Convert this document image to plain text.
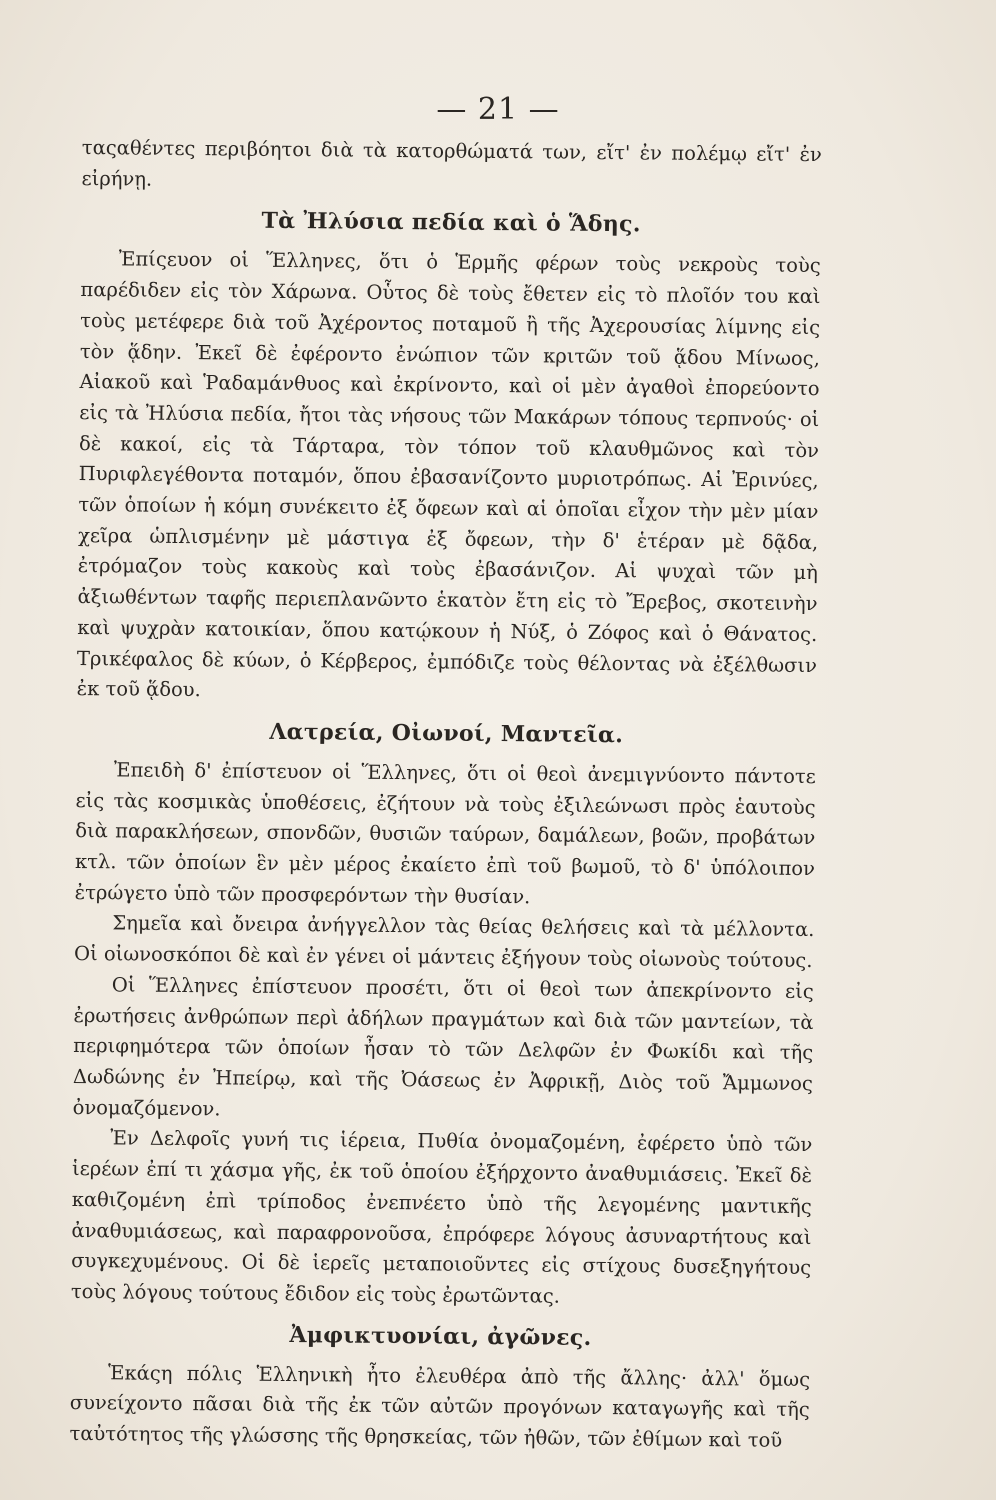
— 21 —

ταςαθέντες περιβόητοι διὰ τὰ κατορθώματά των, εἴτ' ἐν πολέμῳ εἴτ' ἐν εἰρήνῃ.

Τὰ Ἠλύσια πεδία καὶ ὁ Ἅδης.

Ἐπίςευον οἱ Ἕλληνες, ὅτι ὁ Ἑρμῆς φέρων τοὺς νεκροὺς τοὺς παρέδιδεν εἰς τὸν Χάρωνα. Οὗτος δὲ τοὺς ἔθετεν εἰς τὸ πλοῖόν του καὶ τοὺς μετέφερε διὰ τοῦ Ἀχέροντος ποταμοῦ ἢ τῆς Ἀχερουσίας λίμνης εἰς τὸν ᾅδην. Ἐκεῖ δὲ ἐφέροντο ἐνώπιον τῶν κριτῶν τοῦ ᾅδου Μίνωος, Αἰακοῦ καὶ Ῥαδαμάνθυος καὶ ἐκρίνοντο, καὶ οἱ μὲν ἀγαθοὶ ἐπορεύοντο εἰς τὰ Ἠλύσια πεδία, ἤτοι τὰς νήσους τῶν Μακάρων τόπους τερπνούς· οἱ δὲ κακοί, εἰς τὰ Τάρταρα, τὸν τόπον τοῦ κλαυθμῶνος καὶ τὸν Πυριφλεγέθοντα ποταμόν, ὅπου ἐβασανίζοντο μυριοτρόπως. Αἱ Ἐρινύες, τῶν ὁποίων ἡ κόμη συνέκειτο ἐξ ὄφεων καὶ αἱ ὁποῖαι εἶχον τὴν μὲν μίαν χεῖρα ὡπλισμένην μὲ μάστιγα ἐξ ὄφεων, τὴν δ' ἑτέραν μὲ δᾷδα, ἐτρόμαζον τοὺς κακοὺς καὶ τοὺς ἐβασάνιζον. Αἱ ψυχαὶ τῶν μὴ ἀξιωθέντων ταφῆς περιεπλανῶντο ἑκατὸν ἔτη εἰς τὸ Ἔρεβος, σκοτεινὴν καὶ ψυχρὰν κατοικίαν, ὅπου κατῴκουν ἡ Νύξ, ὁ Ζόφος καὶ ὁ Θάνατος. Τρικέφαλος δὲ κύων, ὁ Κέρβερος, ἐμπόδιζε τοὺς θέλοντας νὰ ἐξέλθωσιν ἐκ τοῦ ᾅδου.

Λατρεία, Οἰωνοί, Μαντεῖα.

Ἐπειδὴ δ' ἐπίστευον οἱ Ἕλληνες, ὅτι οἱ θεοὶ ἀνεμιγνύοντο πάντοτε εἰς τὰς κοσμικὰς ὑποθέσεις, ἐζήτουν νὰ τοὺς ἐξιλεώνωσι πρὸς ἑαυτοὺς διὰ παρακλήσεων, σπονδῶν, θυσιῶν ταύρων, δαμάλεων, βοῶν, προβάτων κτλ. τῶν ὁποίων ἓν μὲν μέρος ἐκαίετο ἐπὶ τοῦ βωμοῦ, τὸ δ' ὑπόλοιπον ἐτρώγετο ὑπὸ τῶν προσφερόντων τὴν θυσίαν.

Σημεῖα καὶ ὄνειρα ἀνήγγελλον τὰς θείας θελήσεις καὶ τὰ μέλλοντα. Οἱ οἰωνοσκόποι δὲ καὶ ἐν γένει οἱ μάντεις ἐξήγουν τοὺς οἰωνοὺς τούτους.

Οἱ Ἕλληνες ἐπίστευον προσέτι, ὅτι οἱ θεοὶ των ἀπεκρίνοντο εἰς ἐρωτήσεις ἀνθρώπων περὶ ἀδήλων πραγμάτων καὶ διὰ τῶν μαντείων, τὰ περιφημότερα τῶν ὁποίων ἦσαν τὸ τῶν Δελφῶν ἐν Φωκίδι καὶ τῆς Δωδώνης ἐν Ἠπείρῳ, καὶ τῆς Ὀάσεως ἐν Ἀφρικῇ, Διὸς τοῦ Ἄμμωνος ὀνομαζόμενον.

Ἐν Δελφοῖς γυνή τις ἱέρεια, Πυθία ὀνομαζομένη, ἐφέρετο ὑπὸ τῶν ἱερέων ἐπί τι χάσμα γῆς, ἐκ τοῦ ὁποίου ἐξήρχοντο ἀναθυμιάσεις. Ἐκεῖ δὲ καθιζομένη ἐπὶ τρίποδος ἐνεπνέετο ὑπὸ τῆς λεγομένης μαντικῆς ἀναθυμιάσεως, καὶ παραφρονοῦσα, ἐπρόφερε λόγους ἀσυναρτήτους καὶ συγκεχυμένους. Οἱ δὲ ἱερεῖς μεταποιοῦντες εἰς στίχους δυσεξηγήτους τοὺς λόγους τούτους ἔδιδον εἰς τοὺς ἐρωτῶντας.

Ἀμφικτυονίαι, ἀγῶνες.

Ἑκάςη πόλις Ἑλληνικὴ ἦτο ἐλευθέρα ἀπὸ τῆς ἄλλης· ἀλλ' ὅμως συνείχοντο πᾶσαι διὰ τῆς ἐκ τῶν αὐτῶν προγόνων καταγωγῆς καὶ τῆς ταὐτότητος τῆς γλώσσης τῆς θρησκείας, τῶν ἠθῶν, τῶν ἐθίμων καὶ τοῦ
